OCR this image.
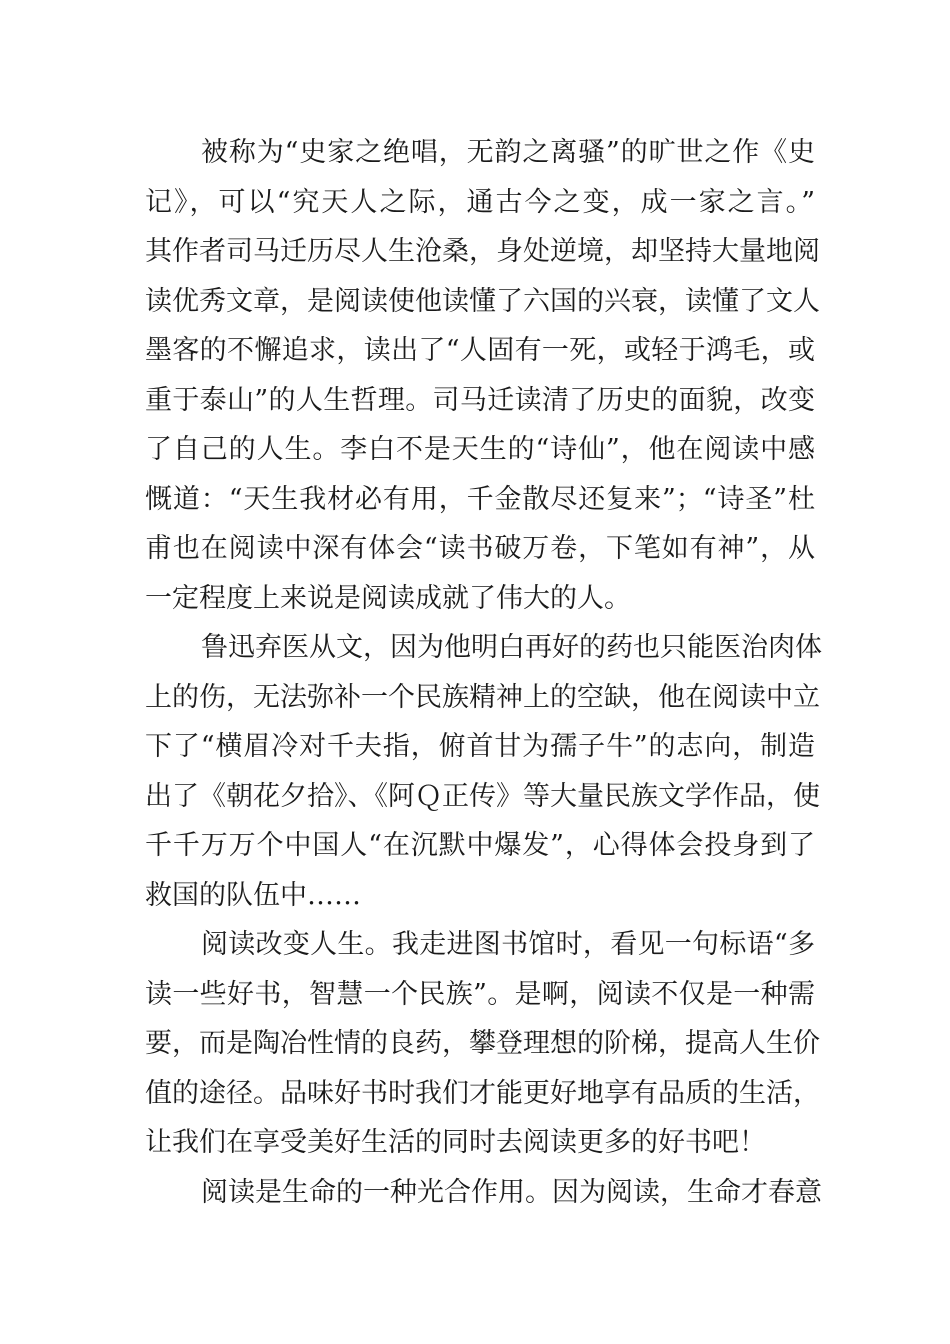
被称为“史家之绝唱，无韵之离骚”的旷世之作《史
记》，可以“究天人之际，通古今之变，成一家之言。”
其作者司马迁历尽人生沧桑，身处逆境，却坚持大量地阅
读优秀文章，是阅读使他读懂了六国的兴衰，读懂了文人
墨客的不懈追求，读出了“人固有一死，或轻于鸿毛，或
重于泰山”的人生哲理。司马迁读清了历史的面貌，改变
了自己的人生。李白不是天生的“诗仙”，他在阅读中感
慨道：“天生我材必有用，千金散尽还复来”；“诗圣”杜
甫也在阅读中深有体会“读书破万卷，下笔如有神”，从
一定程度上来说是阅读成就了伟大的人。
鲁迅弃医从文，因为他明白再好的药也只能医治肉体
上的伤，无法弥补一个民族精神上的空缺，他在阅读中立
下了“横眉冷对千夫指，俯首甘为孺子牛”的志向，制造
出了《朝花夕拾》、《阿Ｑ正传》等大量民族文学作品，使
千千万万个中国人“在沉默中爆发”，心得体会投身到了
救国的队伍中……
阅读改变人生。我走进图书馆时，看见一句标语“多
读一些好书，智慧一个民族”。是啊，阅读不仅是一种需
要，而是陶冶性情的良药，攀登理想的阶梯，提高人生价
值的途径。品味好书时我们才能更好地享有品质的生活，
让我们在享受美好生活的同时去阅读更多的好书吧！
阅读是生命的一种光合作用。因为阅读，生命才春意
